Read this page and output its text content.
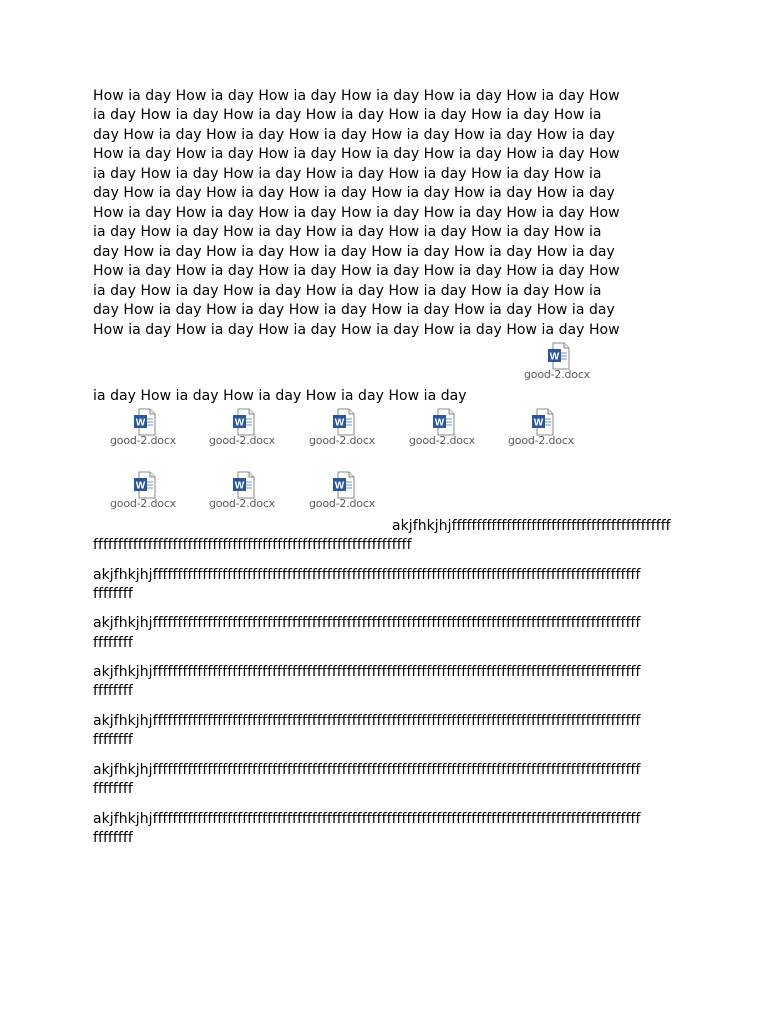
How ia day How ia day How ia day How ia day How ia day How ia day How
ia day How ia day How ia day How ia day How ia day How ia day How ia
day How ia day How ia day How ia day How ia day How ia day How ia day
How ia day How ia day How ia day How ia day How ia day How ia day How
ia day How ia day How ia day How ia day How ia day How ia day How ia
day How ia day How ia day How ia day How ia day How ia day How ia day
How ia day How ia day How ia day How ia day How ia day How ia day How
ia day How ia day How ia day How ia day How ia day How ia day How ia
day How ia day How ia day How ia day How ia day How ia day How ia day
How ia day How ia day How ia day How ia day How ia day How ia day How
ia day How ia day How ia day How ia day How ia day How ia day How ia
day How ia day How ia day How ia day How ia day How ia day How ia day
How ia day How ia day How ia day How ia day How ia day How ia day How
ia day How ia day How ia day How ia day How ia day
W
good-2.docx
W
good-2.docx
W
good-2.docx
W
good-2.docx
W
good-2.docx
W
good-2.docx
W
good-2.docx
W
good-2.docx
W
good-2.docx
akjfhkjhjffffffffffffffffffffffffffffffffffffffffffff
ffffffffffffffffffffffffffffffffffffffffffffffffffffffffffffffff
akjfhkjhjffffffffffffffffffffffffffffffffffffffffffffffffffffffffffffffffffffffffffffffffffffffffffffffffff
ffffffff
akjfhkjhjffffffffffffffffffffffffffffffffffffffffffffffffffffffffffffffffffffffffffffffffffffffffffffffffff
ffffffff
akjfhkjhjffffffffffffffffffffffffffffffffffffffffffffffffffffffffffffffffffffffffffffffffffffffffffffffffff
ffffffff
akjfhkjhjffffffffffffffffffffffffffffffffffffffffffffffffffffffffffffffffffffffffffffffffffffffffffffffffff
ffffffff
akjfhkjhjffffffffffffffffffffffffffffffffffffffffffffffffffffffffffffffffffffffffffffffffffffffffffffffffff
ffffffff
akjfhkjhjffffffffffffffffffffffffffffffffffffffffffffffffffffffffffffffffffffffffffffffffffffffffffffffffff
ffffffff
